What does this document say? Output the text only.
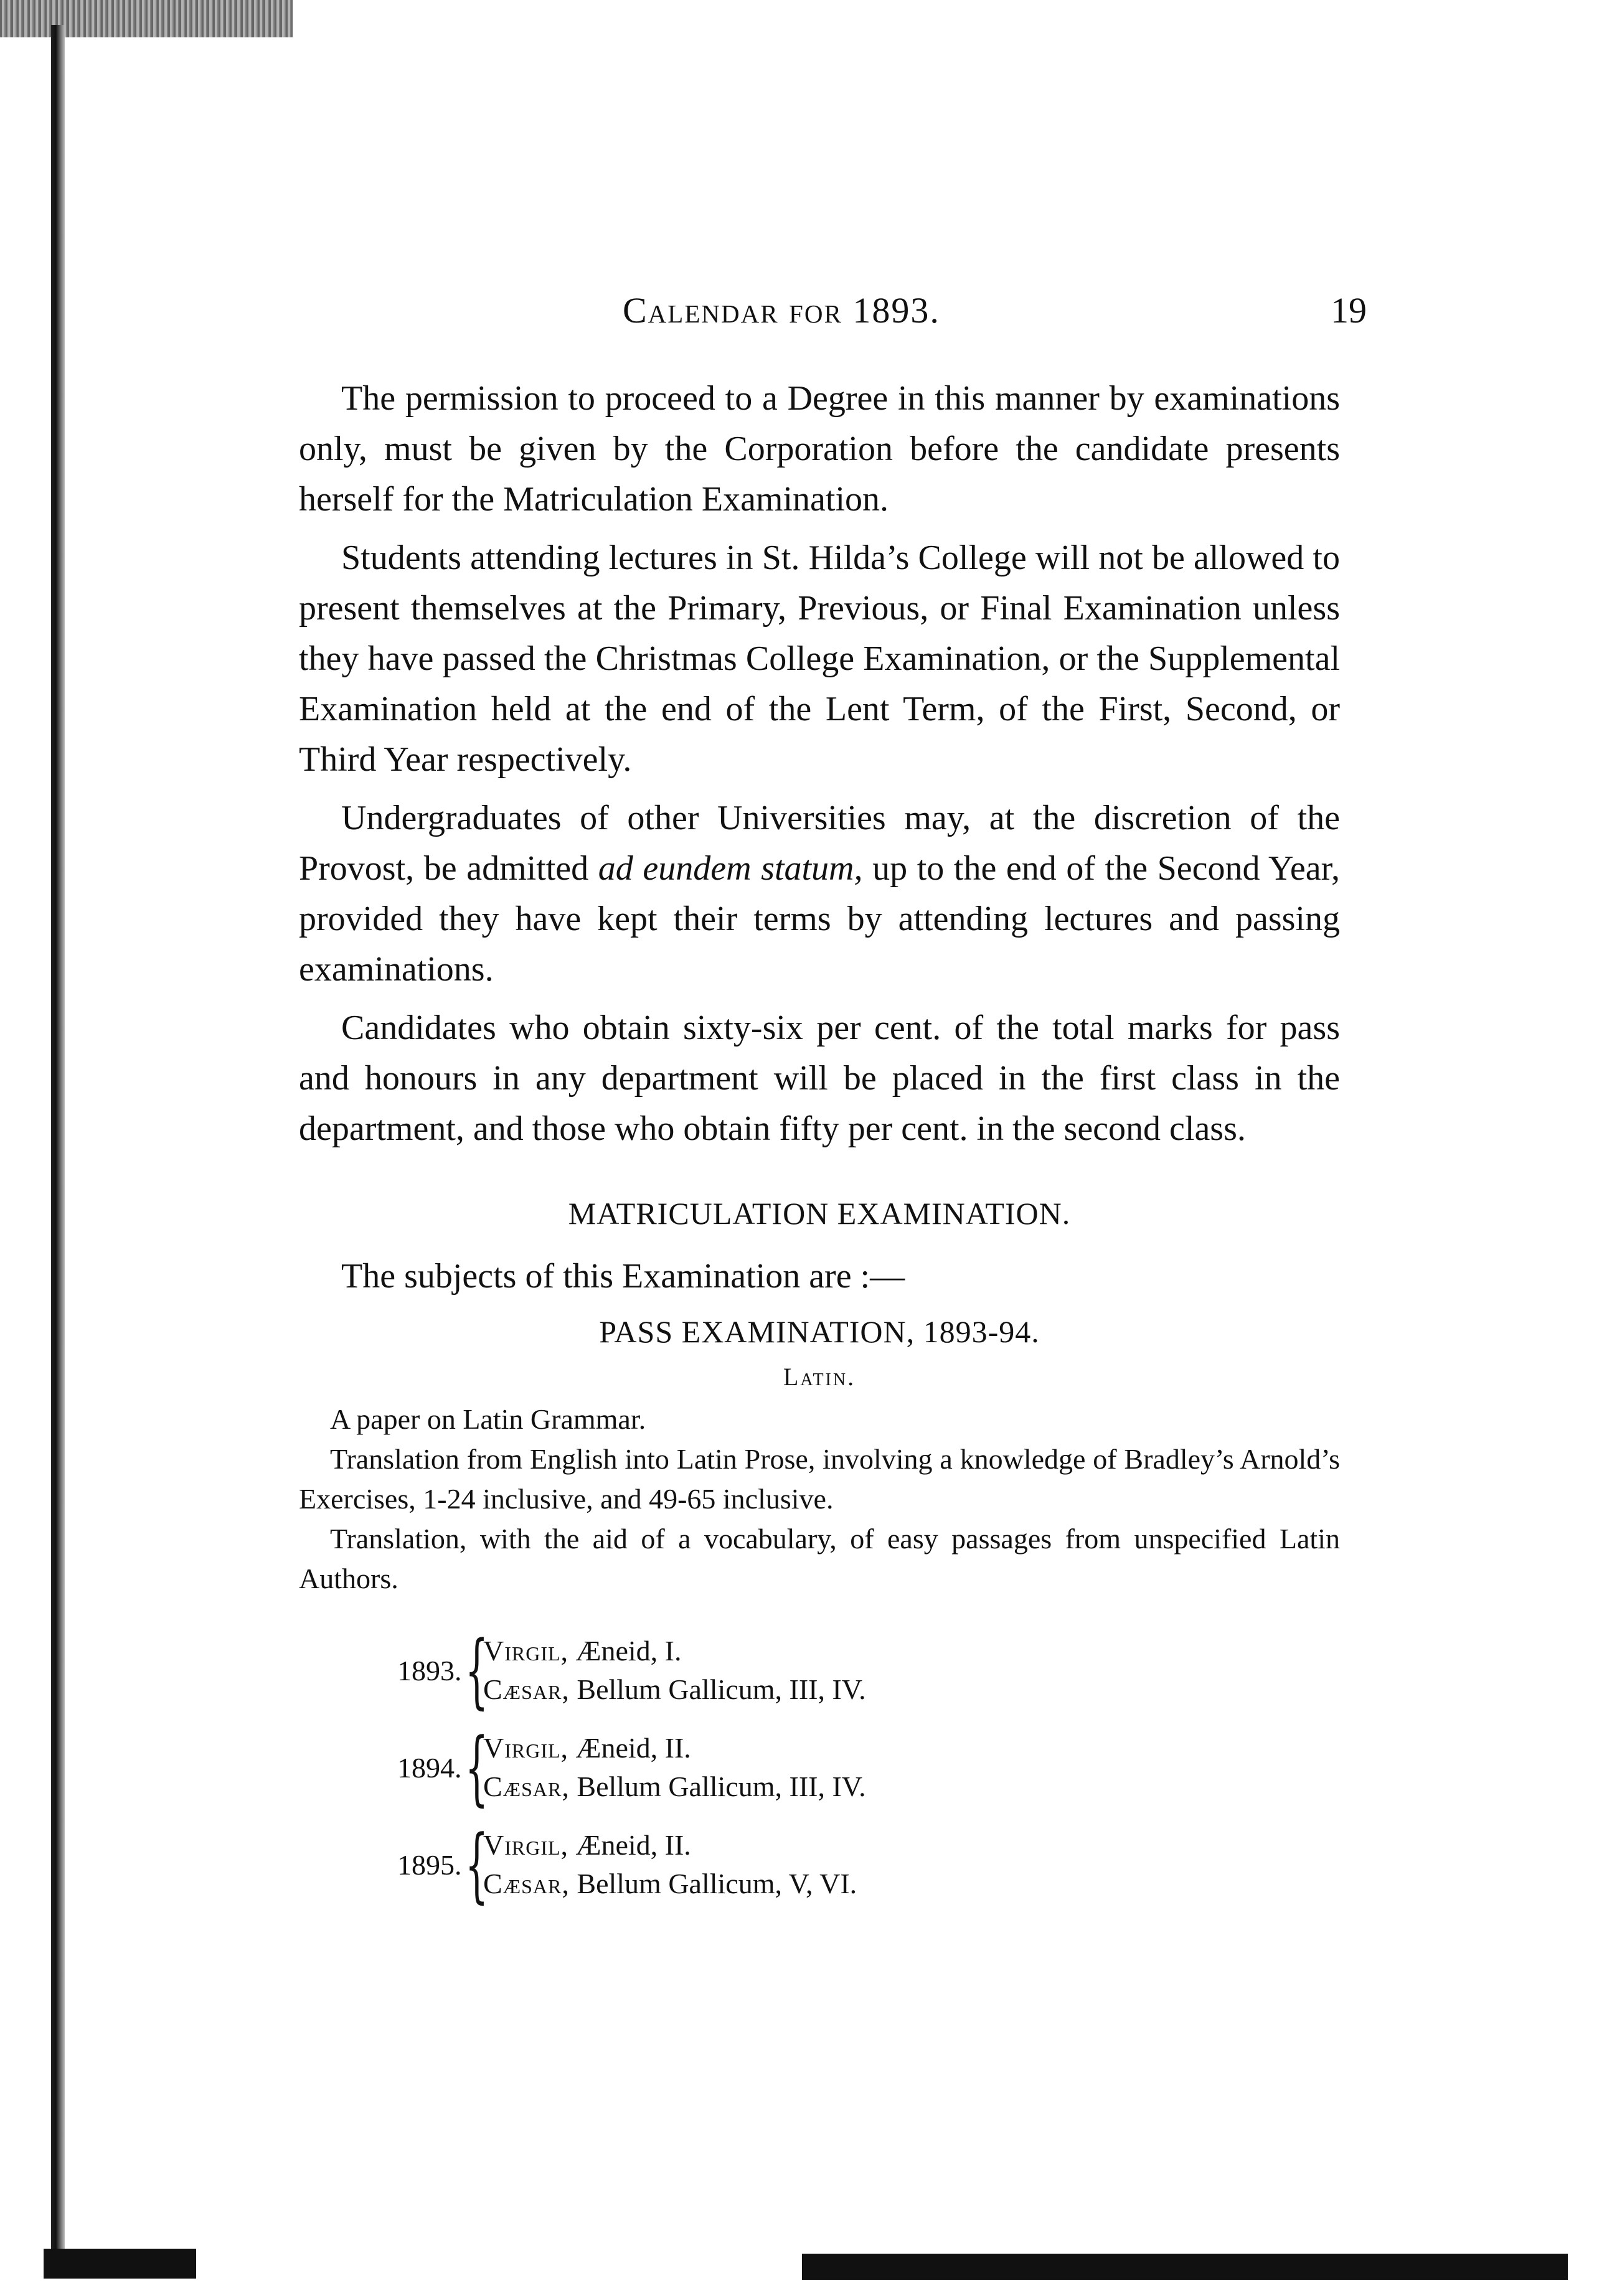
Calendar for 1893.	19

The permission to proceed to a Degree in this manner by examinations only, must be given by the Corporation before the candidate presents herself for the Matriculation Examination.

Students attending lectures in St. Hilda’s College will not be allowed to present themselves at the Primary, Previous, or Final Examination unless they have passed the Christmas College Examination, or the Supplemental Examination held at the end of the Lent Term, of the First, Second, or Third Year respectively.

Undergraduates of other Universities may, at the discretion of the Provost, be admitted ad eundem statum, up to the end of the Second Year, provided they have kept their terms by attending lectures and passing examinations.

Candidates who obtain sixty-six per cent. of the total marks for pass and honours in any department will be placed in the first class in the department, and those who obtain fifty per cent. in the second class.

MATRICULATION EXAMINATION.

The subjects of this Examination are :—

PASS EXAMINATION, 1893-94.
Latin.

A paper on Latin Grammar.

Translation from English into Latin Prose, involving a knowledge of Bradley’s Arnold’s Exercises, 1-24 inclusive, and 49-65 inclusive.

Translation, with the aid of a vocabulary, of easy passages from unspecified Latin Authors.

1893. {
Virgil, Æneid, I.
Cæsar, Bellum Gallicum, III, IV.
1894. {
Virgil, Æneid, II.
Cæsar, Bellum Gallicum, III, IV.
1895. {
Virgil, Æneid, II.
Cæsar, Bellum Gallicum, V, VI.
